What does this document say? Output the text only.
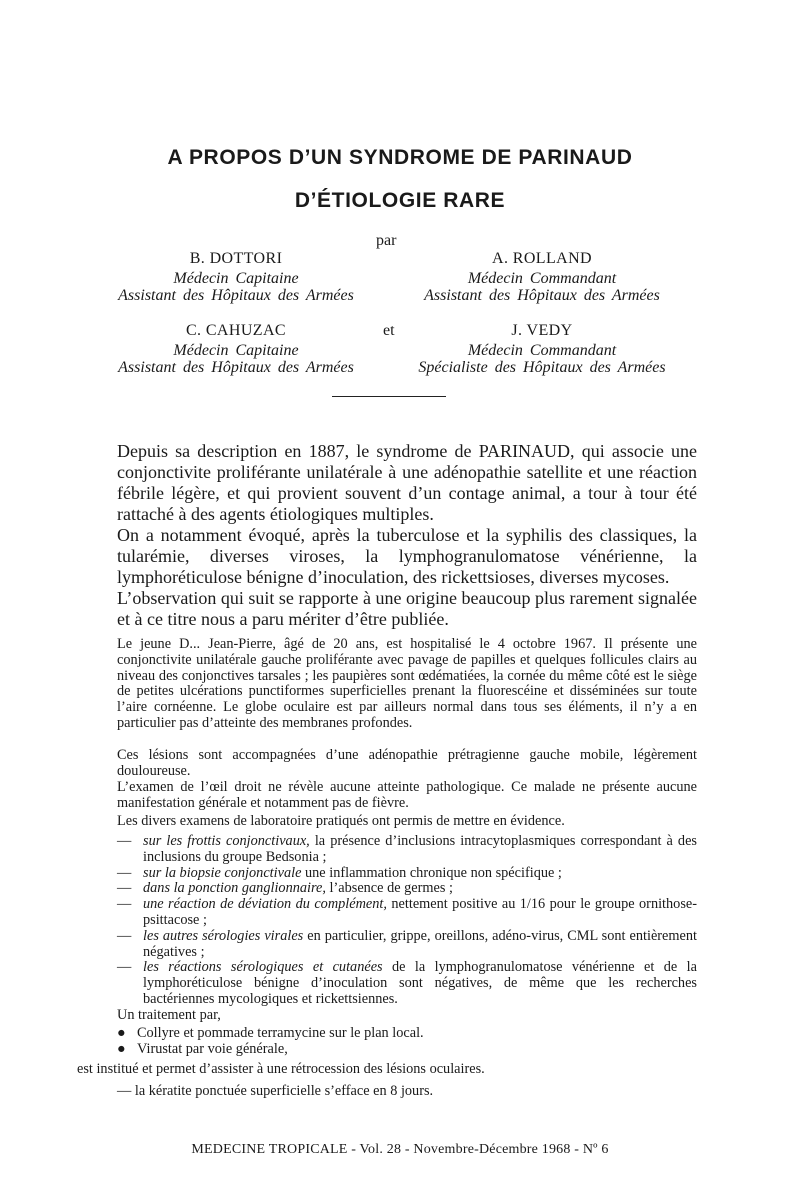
A PROPOS D’UN SYNDROME DE PARINAUD
D’ÉTIOLOGIE RARE
par
B. DOTTORI
Médecin Capitaine
Assistant des Hôpitaux des Armées
A. ROLLAND
Médecin Commandant
Assistant des Hôpitaux des Armées
et
C. CAHUZAC
Médecin Capitaine
Assistant des Hôpitaux des Armées
J. VEDY
Médecin Commandant
Spécialiste des Hôpitaux des Armées

Depuis sa description en 1887, le syndrome de PARINAUD, qui associe une conjonctivite proliférante unilatérale à une adénopathie satellite et une réaction fébrile légère, et qui provient souvent d’un contage animal, a tour à tour été rattaché à des agents étiologiques multiples.

On a notamment évoqué, après la tuberculose et la syphilis des classiques, la tularémie, diverses viroses, la lymphogranulomatose vénérienne, la lymphoréticulose bénigne d’inoculation, des rickettsioses, diverses mycoses.

L’observation qui suit se rapporte à une origine beaucoup plus rarement signalée et à ce titre nous a paru mériter d’être publiée.

Le jeune D... Jean-Pierre, âgé de 20 ans, est hospitalisé le 4 octobre 1967. Il présente une conjonctivite unilatérale gauche proliférante avec pavage de papilles et quelques follicules clairs au niveau des conjonctives tarsales ; les paupières sont œdématiées, la cornée du même côté est le siège de petites ulcérations punctiformes superficielles prenant la fluorescéine et disséminées sur toute l’aire cornéenne. Le globe oculaire est par ailleurs normal dans tous ses éléments, il n’y a en particulier pas d’atteinte des membranes profondes.

Ces lésions sont accompagnées d’une adénopathie prétragienne gauche mobile, légèrement douloureuse.

L’examen de l’œil droit ne révèle aucune atteinte pathologique. Ce malade ne présente aucune manifestation générale et notamment pas de fièvre.

Les divers examens de laboratoire pratiqués ont permis de mettre en évidence.

— sur les frottis conjonctivaux, la présence d’inclusions intracytoplasmiques correspondant à des inclusions du groupe Bedsonia ;
— sur la biopsie conjonctivale une inflammation chronique non spécifique ;
— dans la ponction ganglionnaire, l’absence de germes ;
— une réaction de déviation du complément, nettement positive au 1/16 pour le groupe ornithose-psittacose ;
— les autres sérologies virales en particulier, grippe, oreillons, adéno-virus, CML sont entièrement négatives ;
— les réactions sérologiques et cutanées de la lymphogranulomatose vénérienne et de la lymphoréticulose bénigne d’inoculation sont négatives, de même que les recherches bactériennes mycologiques et rickettsiennes.
Un traitement par,
● Collyre et pommade terramycine sur le plan local.
● Virustat par voie générale,
est institué et permet d’assister à une rétrocession des lésions oculaires.
— la kératite ponctuée superficielle s’efface en 8 jours.
MEDECINE TROPICALE - Vol. 28 - Novembre-Décembre 1968 - Nº 6
